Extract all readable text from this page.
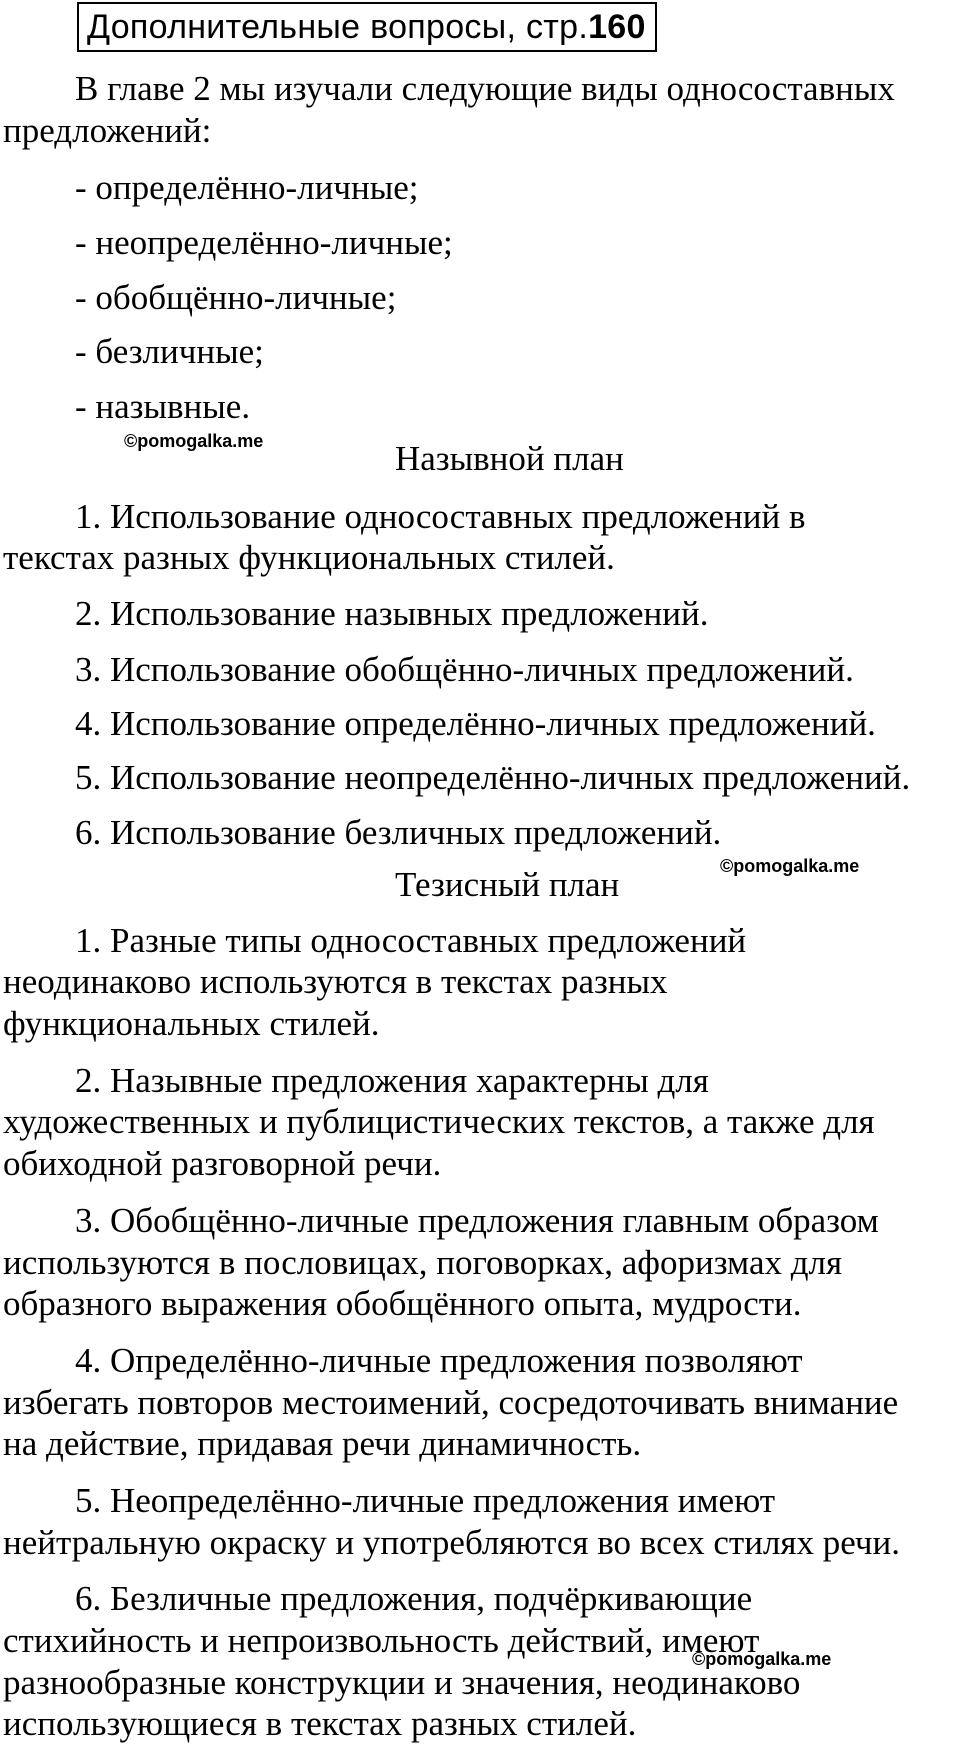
Дополнительные вопросы, стр.160
В главе 2 мы изучали следующие виды односоставных
предложений:
- определённо-личные;
- неопределённо-личные;
- обобщённо-личные;
- безличные;
- назывные.
©pomogalka.me	Назывной план
1. Использование односоставных предложений в
текстах разных функциональных стилей.
2. Использование назывных предложений.
3. Использование обобщённо-личных предложений.
4. Использование определённо-личных предложений.
5. Использование неопределённо-личных предложений.
6. Использование безличных предложений.
©pomogalka.me
Тезисный план
1. Разные типы односоставных предложений
неодинаково используются в текстах разных
функциональных стилей.
2. Назывные предложения характерны для
художественных и публицистических текстов, а также для
обиходной разговорной речи.
3. Обобщённо-личные предложения главным образом
используются в пословицах, поговорках, афоризмах для
образного выражения обобщённого опыта, мудрости.
4. Определённо-личные предложения позволяют
избегать повторов местоимений, сосредоточивать внимание
на действие, придавая речи динамичность.
5. Неопределённо-личные предложения имеют
нейтральную окраску и употребляются во всех стилях речи.
6. Безличные предложения, подчёркивающие
стихийность и непроизвольность действий, имеют
разнообразные конструкции и значения, неодинаково
использующиеся в текстах разных стилей.
©pomogalka.me
